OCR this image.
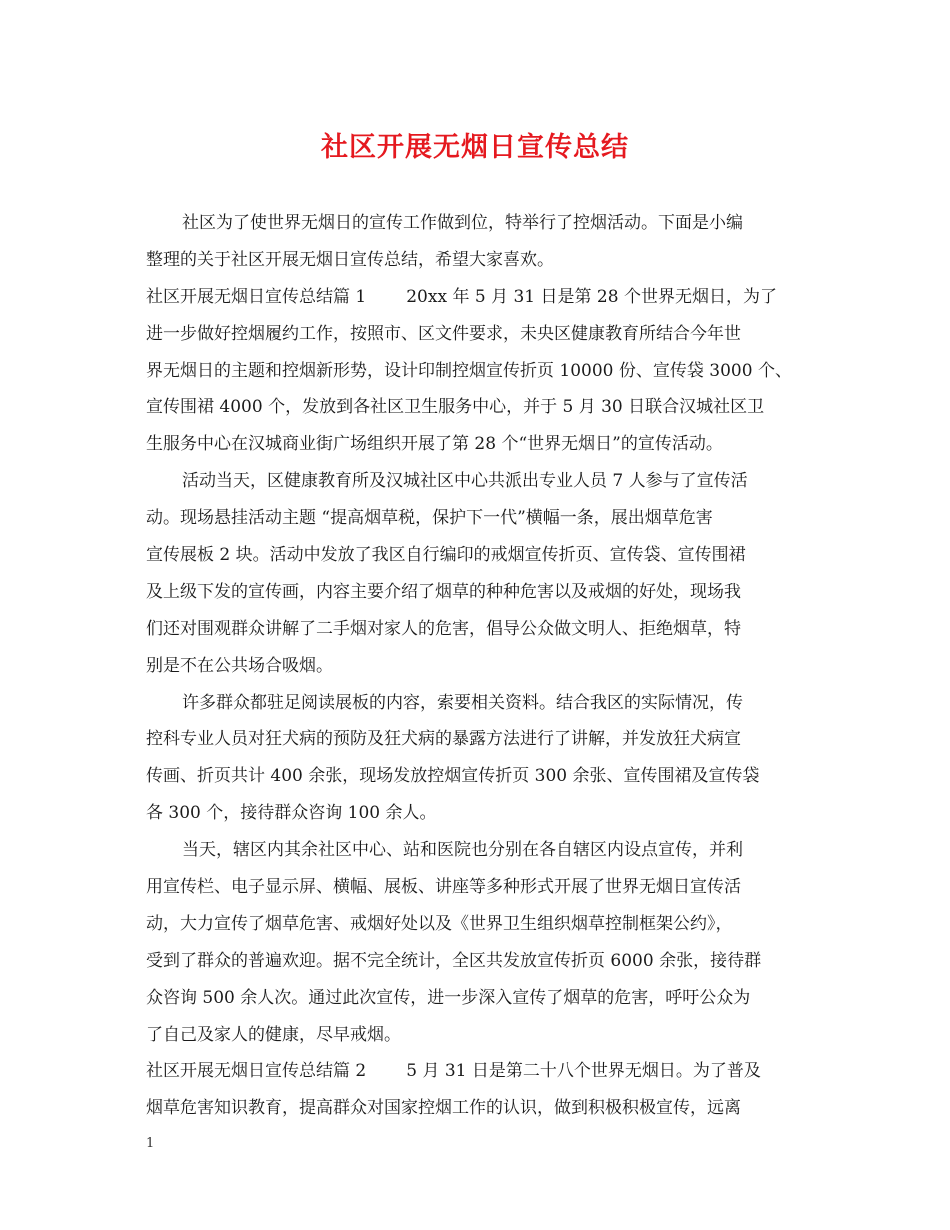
社区开展无烟日宣传总结
社区为了使世界无烟日的宣传工作做到位，特举行了控烟活动。下面是小编
整理的关于社区开展无烟日宣传总结，希望大家喜欢。
社区开展无烟日宣传总结篇 1 20xx 年 5 月 31 日是第 28 个世界无烟日，为了
进一步做好控烟履约工作，按照市、区文件要求，未央区健康教育所结合今年世
界无烟日的主题和控烟新形势，设计印制控烟宣传折页 10000 份、宣传袋 3000 个、
宣传围裙 4000 个，发放到各社区卫生服务中心，并于 5 月 30 日联合汉城社区卫
生服务中心在汉城商业街广场组织开展了第 28 个“世界无烟日”的宣传活动。
活动当天，区健康教育所及汉城社区中心共派出专业人员 7 人参与了宣传活
动。现场悬挂活动主题 “提高烟草税，保护下一代”横幅一条，展出烟草危害
宣传展板 2 块。活动中发放了我区自行编印的戒烟宣传折页、宣传袋、宣传围裙
及上级下发的宣传画，内容主要介绍了烟草的种种危害以及戒烟的好处，现场我
们还对围观群众讲解了二手烟对家人的危害，倡导公众做文明人、拒绝烟草，特
别是不在公共场合吸烟。
许多群众都驻足阅读展板的内容，索要相关资料。结合我区的实际情况，传
控科专业人员对狂犬病的预防及狂犬病的暴露方法进行了讲解，并发放狂犬病宣
传画、折页共计 400 余张，现场发放控烟宣传折页 300 余张、宣传围裙及宣传袋
各 300 个，接待群众咨询 100 余人。
当天，辖区内其余社区中心、站和医院也分别在各自辖区内设点宣传，并利
用宣传栏、电子显示屏、横幅、展板、讲座等多种形式开展了世界无烟日宣传活
动，大力宣传了烟草危害、戒烟好处以及《世界卫生组织烟草控制框架公约》，
受到了群众的普遍欢迎。据不完全统计，全区共发放宣传折页 6000 余张，接待群
众咨询 500 余人次。通过此次宣传，进一步深入宣传了烟草的危害，呼吁公众为
了自己及家人的健康，尽早戒烟。
社区开展无烟日宣传总结篇 2 5 月 31 日是第二十八个世界无烟日。为了普及
烟草危害知识教育，提高群众对国家控烟工作的认识，做到积极积极宣传，远离
1
